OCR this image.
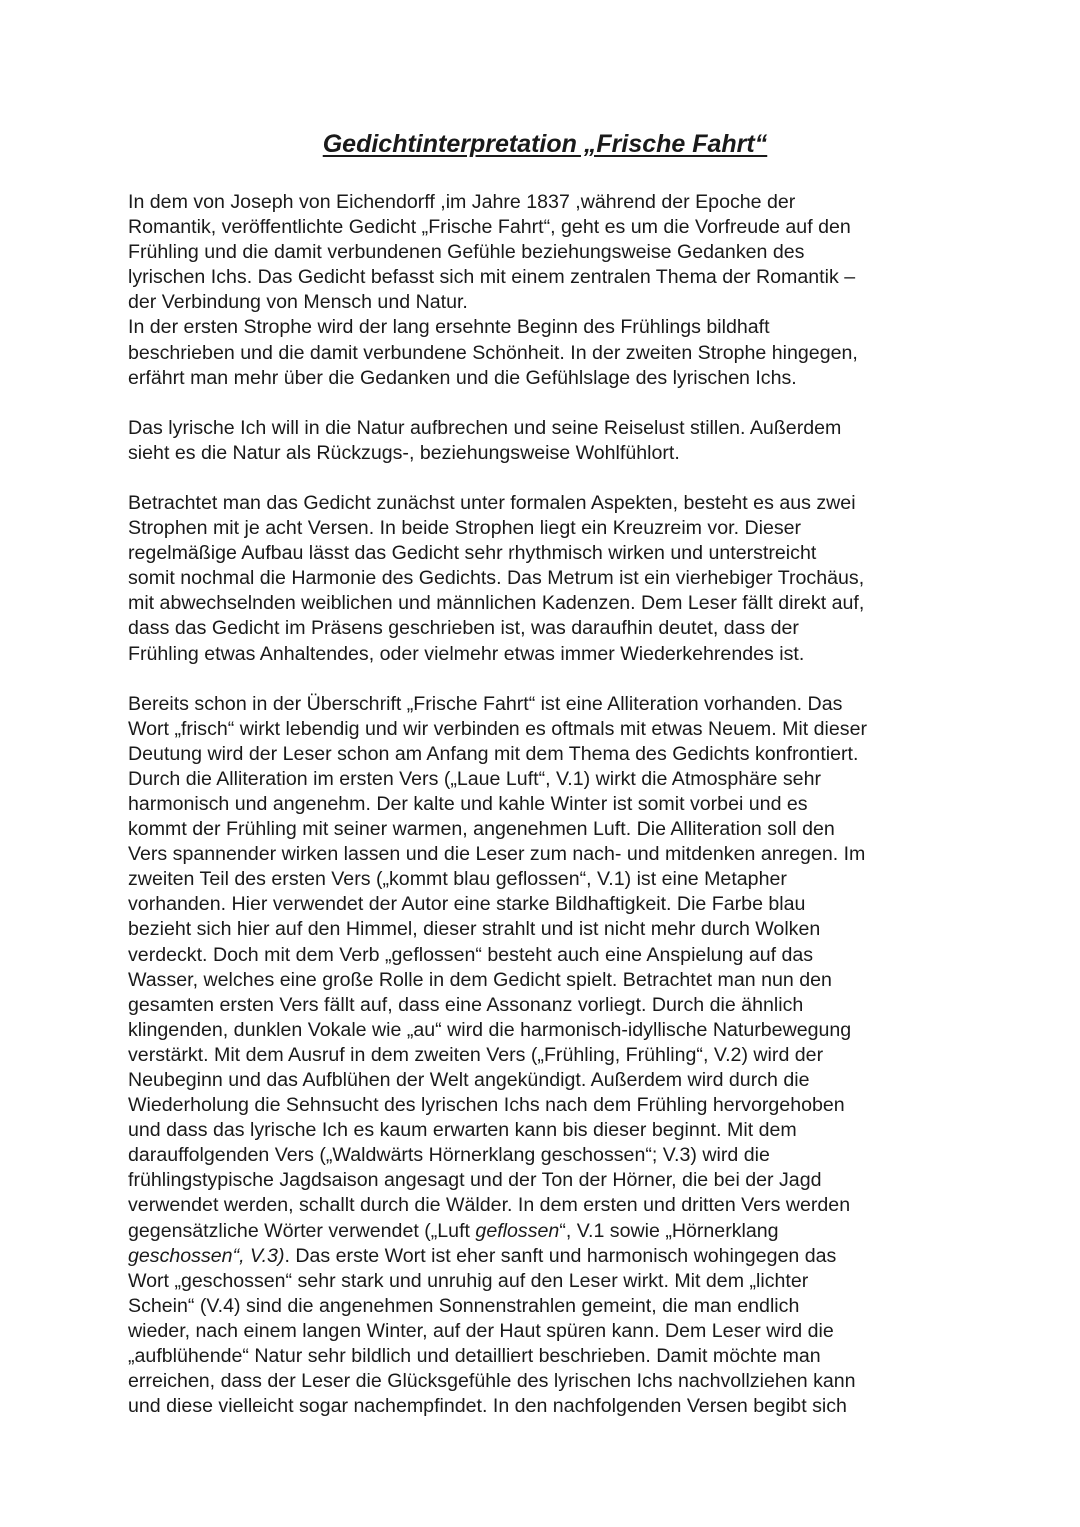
Gedichtinterpretation „Frische Fahrt“
In dem von Joseph von Eichendorff ,im Jahre 1837 ,während der Epoche der
Romantik, veröffentlichte Gedicht „Frische Fahrt“, geht es um die Vorfreude auf den
Frühling und die damit verbundenen Gefühle beziehungsweise Gedanken des
lyrischen Ichs. Das Gedicht befasst sich mit einem zentralen Thema der Romantik –
der Verbindung von Mensch und Natur.
In der ersten Strophe wird der lang ersehnte Beginn des Frühlings bildhaft
beschrieben und die damit verbundene Schönheit. In der zweiten Strophe hingegen,
erfährt man mehr über die Gedanken und die Gefühlslage des lyrischen Ichs.
Das lyrische Ich will in die Natur aufbrechen und seine Reiselust stillen. Außerdem
sieht es die Natur als Rückzugs-, beziehungsweise Wohlfühlort.
Betrachtet man das Gedicht zunächst unter formalen Aspekten, besteht es aus zwei
Strophen mit je acht Versen. In beide Strophen liegt ein Kreuzreim vor. Dieser
regelmäßige Aufbau lässt das Gedicht sehr rhythmisch wirken und unterstreicht
somit nochmal die Harmonie des Gedichts. Das Metrum ist ein vierhebiger Trochäus,
mit abwechselnden weiblichen und männlichen Kadenzen. Dem Leser fällt direkt auf,
dass das Gedicht im Präsens geschrieben ist, was daraufhin deutet, dass der
Frühling etwas Anhaltendes, oder vielmehr etwas immer Wiederkehrendes ist.
Bereits schon in der Überschrift „Frische Fahrt“ ist eine Alliteration vorhanden. Das
Wort „frisch“ wirkt lebendig und wir verbinden es oftmals mit etwas Neuem. Mit dieser
Deutung wird der Leser schon am Anfang mit dem Thema des Gedichts konfrontiert.
Durch die Alliteration im ersten Vers („Laue Luft“, V.1) wirkt die Atmosphäre sehr
harmonisch und angenehm. Der kalte und kahle Winter ist somit vorbei und es
kommt der Frühling mit seiner warmen, angenehmen Luft. Die Alliteration soll den
Vers spannender wirken lassen und die Leser zum nach- und mitdenken anregen. Im
zweiten Teil des ersten Vers („kommt blau geflossen“, V.1) ist eine Metapher
vorhanden. Hier verwendet der Autor eine starke Bildhaftigkeit. Die Farbe blau
bezieht sich hier auf den Himmel, dieser strahlt und ist nicht mehr durch Wolken
verdeckt. Doch mit dem Verb „geflossen“ besteht auch eine Anspielung auf das
Wasser, welches eine große Rolle in dem Gedicht spielt. Betrachtet man nun den
gesamten ersten Vers fällt auf, dass eine Assonanz vorliegt. Durch die ähnlich
klingenden, dunklen Vokale wie „au“ wird die harmonisch-idyllische Naturbewegung
verstärkt. Mit dem Ausruf in dem zweiten Vers („Frühling, Frühling“, V.2) wird der
Neubeginn und das Aufblühen der Welt angekündigt. Außerdem wird durch die
Wiederholung die Sehnsucht des lyrischen Ichs nach dem Frühling hervorgehoben
und dass das lyrische Ich es kaum erwarten kann bis dieser beginnt. Mit dem
darauffolgenden Vers („Waldwärts Hörnerklang geschossen“; V.3) wird die
frühlingstypische Jagdsaison angesagt und der Ton der Hörner, die bei der Jagd
verwendet werden, schallt durch die Wälder. In dem ersten und dritten Vers werden
gegensätzliche Wörter verwendet („Luft geflossen“, V.1 sowie „Hörnerklang
geschossen“, V.3). Das erste Wort ist eher sanft und harmonisch wohingegen das
Wort „geschossen“ sehr stark und unruhig auf den Leser wirkt. Mit dem „lichter
Schein“ (V.4) sind die angenehmen Sonnenstrahlen gemeint, die man endlich
wieder, nach einem langen Winter, auf der Haut spüren kann. Dem Leser wird die
„aufblühende“ Natur sehr bildlich und detailliert beschrieben. Damit möchte man
erreichen, dass der Leser die Glücksgefühle des lyrischen Ichs nachvollziehen kann
und diese vielleicht sogar nachempfindet. In den nachfolgenden Versen begibt sich
